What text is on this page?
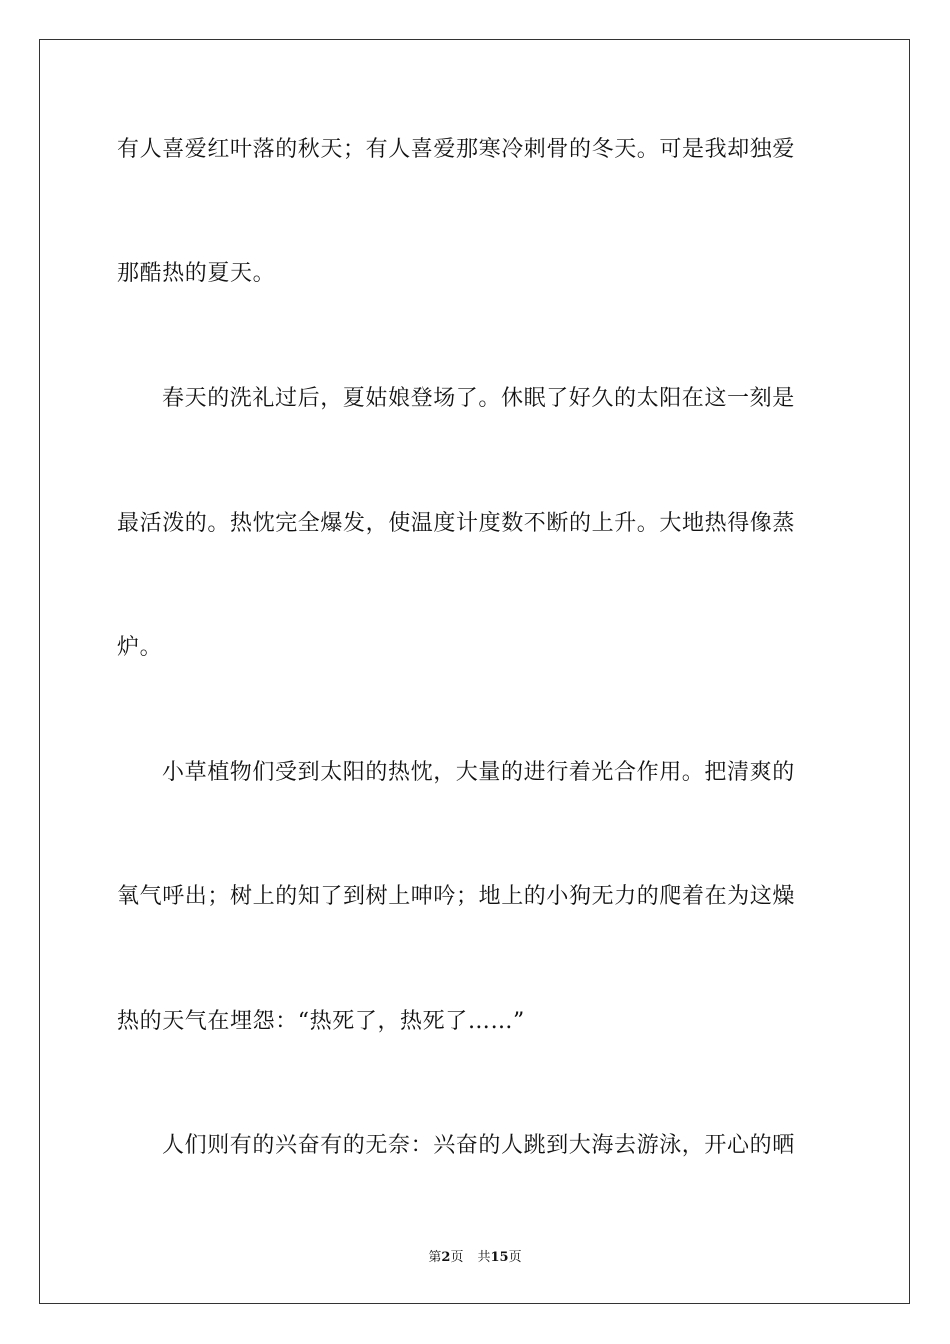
有人喜爱红叶落的秋天；有人喜爱那寒冷刺骨的冬天。可是我却独爱
那酷热的夏天。
春天的洗礼过后，夏姑娘登场了。休眠了好久的太阳在这一刻是
最活泼的。热忱完全爆发，使温度计度数不断的上升。大地热得像蒸
炉。
小草植物们受到太阳的热忱，大量的进行着光合作用。把清爽的
氧气呼出；树上的知了到树上呻吟；地上的小狗无力的爬着在为这燥
热的天气在埋怨：“热死了，热死了……”
人们则有的兴奋有的无奈：兴奋的人跳到大海去游泳，开心的晒
第2页 共15页
